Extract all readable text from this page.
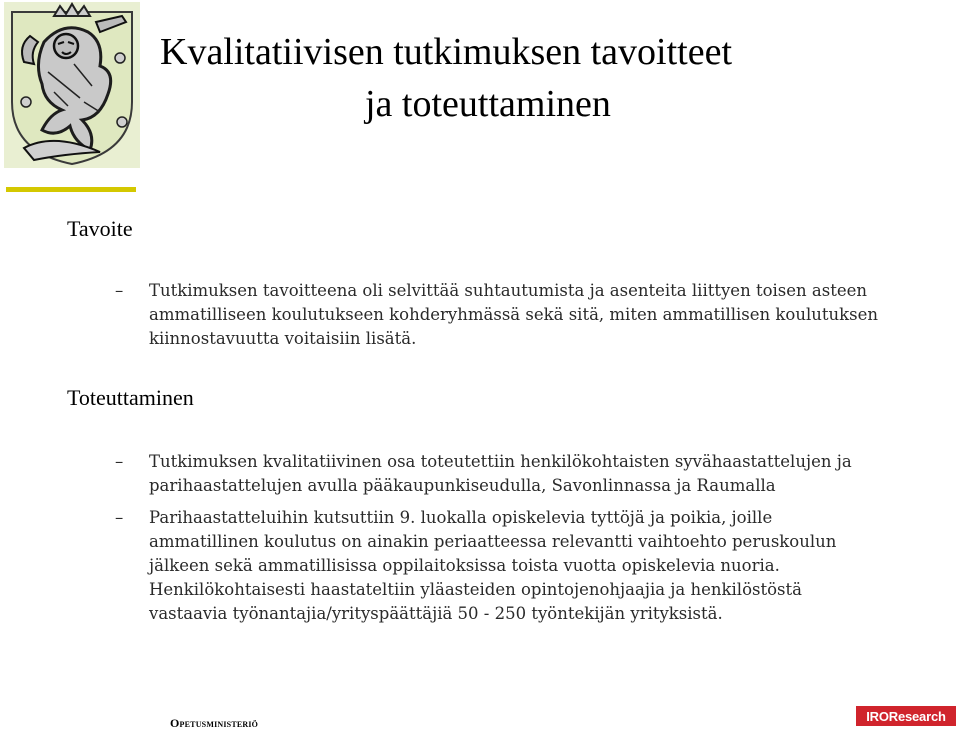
Kvalitatiivisen tutkimuksen tavoitteet
ja toteuttaminen
Tavoite
–	Tutkimuksen tavoitteena oli selvittää suhtautumista ja asenteita liittyen toisen asteen ammatilliseen koulutukseen kohderyhmässä sekä sitä, miten ammatillisen koulutuksen kiinnostavuutta voitaisiin lisätä.
Toteuttaminen
–	Tutkimuksen kvalitatiivinen osa toteutettiin henkilökohtaisten syvähaastattelujen ja parihaastattelujen avulla pääkaupunkiseudulla, Savonlinnassa ja Raumalla
–	Parihaastatteluihin kutsuttiin 9. luokalla opiskelevia tyttöjä ja poikia, joille ammatillinen koulutus on ainakin periaatteessa relevantti vaihtoehto peruskoulun jälkeen sekä ammatillisissa oppilaitoksissa toista vuotta opiskelevia nuoria. Henkilökohtaisesti haastateltiin yläasteiden opintojenohjaajia ja henkilöstöstä vastaavia työnantajia/yrityspäättäjiä 50 - 250 työntekijän yrityksistä.
Opetusministeriö	IROResearch
